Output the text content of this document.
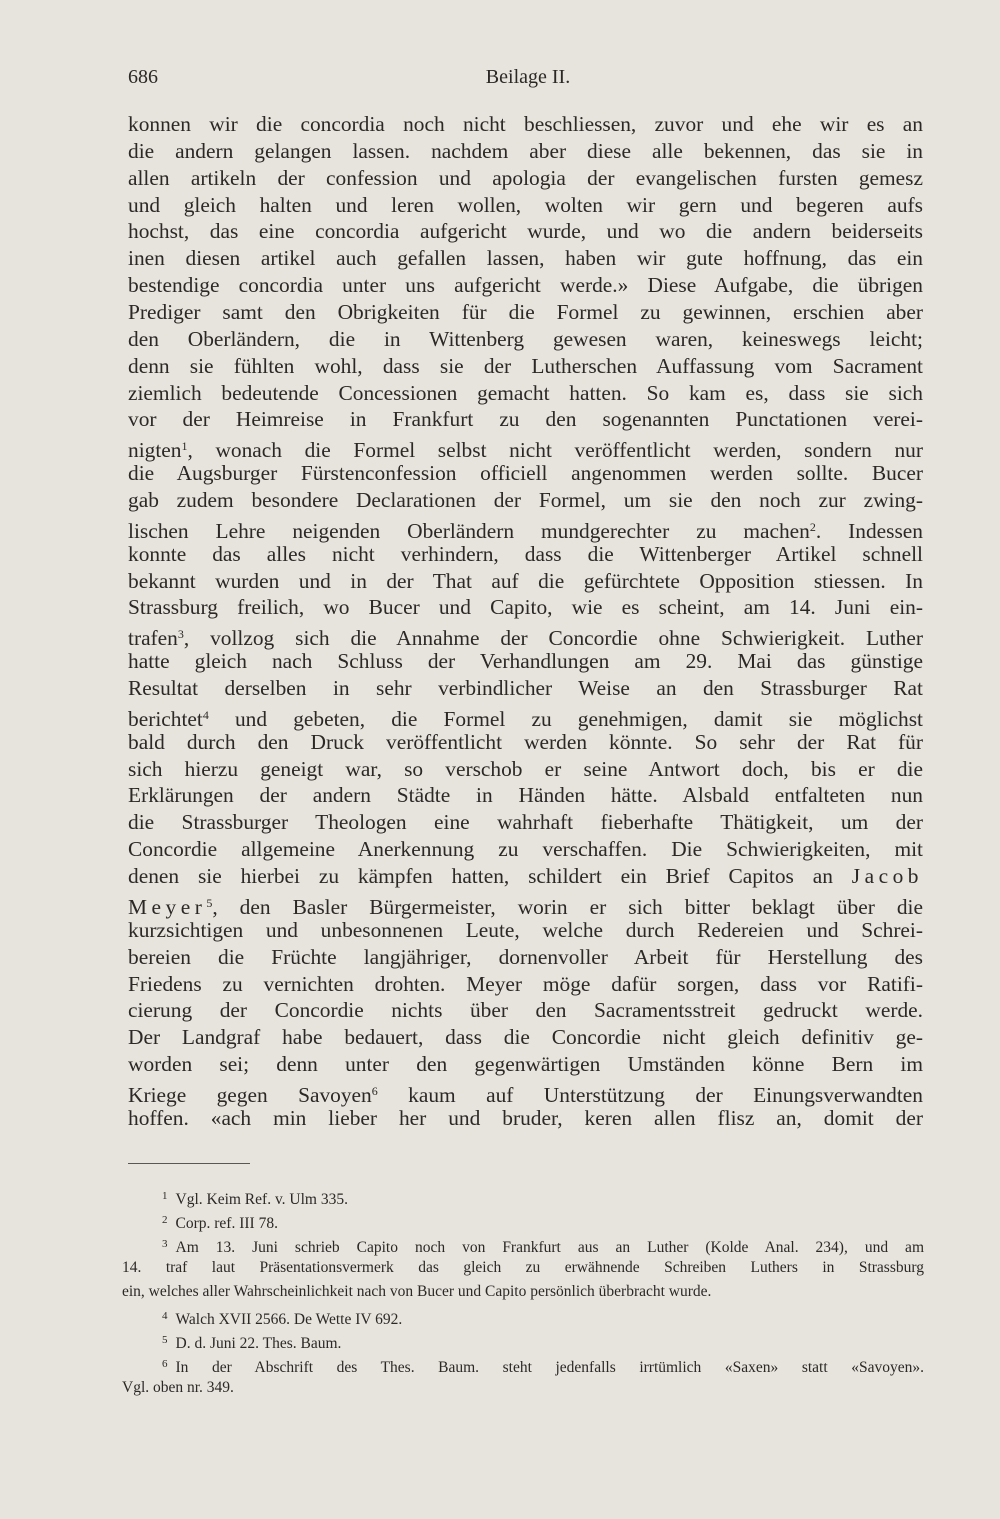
686	Beilage II.
konnen wir die concordia noch nicht beschliessen, zuvor und ehe wir es an
die andern gelangen lassen. nachdem aber diese alle bekennen, das sie in
allen artikeln der confession und apologia der evangelischen fursten gemesz
und gleich halten und leren wollen, wolten wir gern und begeren aufs
hochst, das eine concordia aufgericht wurde, und wo die andern beiderseits
inen diesen artikel auch gefallen lassen, haben wir gute hoffnung, das ein
bestendige concordia unter uns aufgericht werde.» Diese Aufgabe, die übrigen
Prediger samt den Obrigkeiten für die Formel zu gewinnen, erschien aber
den Oberländern, die in Wittenberg gewesen waren, keineswegs leicht;
denn sie fühlten wohl, dass sie der Lutherschen Auffassung vom Sacrament
ziemlich bedeutende Concessionen gemacht hatten. So kam es, dass sie sich
vor der Heimreise in Frankfurt zu den sogenannten Punctationen verei-
nigten$^1$, wonach die Formel selbst nicht veröffentlicht werden, sondern nur
die Augsburger Fürstenconfession officiell angenommen werden sollte. Bucer
gab zudem besondere Declarationen der Formel, um sie den noch zur zwing-
lischen Lehre neigenden Oberländern mundgerechter zu machen$^2$. Indessen
konnte das alles nicht verhindern, dass die Wittenberger Artikel schnell
bekannt wurden und in der That auf die gefürchtete Opposition stiessen. In
Strassburg freilich, wo Bucer und Capito, wie es scheint, am 14. Juni ein-
trafen$^3$, vollzog sich die Annahme der Concordie ohne Schwierigkeit. Luther
hatte gleich nach Schluss der Verhandlungen am 29. Mai das günstige
Resultat derselben in sehr verbindlicher Weise an den Strassburger Rat
berichtet$^4$ und gebeten, die Formel zu genehmigen, damit sie möglichst
bald durch den Druck veröffentlicht werden könnte. So sehr der Rat für
sich hierzu geneigt war, so verschob er seine Antwort doch, bis er die
Erklärungen der andern Städte in Händen hätte. Alsbald entfalteten nun
die Strassburger Theologen eine wahrhaft fieberhafte Thätigkeit, um der
Concordie allgemeine Anerkennung zu verschaffen. Die Schwierigkeiten, mit
denen sie hierbei zu kämpfen hatten, schildert ein Brief Capitos an Jacob
Meyer$^5$, den Basler Bürgermeister, worin er sich bitter beklagt über die
kurzsichtigen und unbesonnenen Leute, welche durch Redereien und Schrei-
bereien die Früchte langjähriger, dornenvoller Arbeit für Herstellung des
Friedens zu vernichten drohten. Meyer möge dafür sorgen, dass vor Ratifi-
cierung der Concordie nichts über den Sacramentsstreit gedruckt werde.
Der Landgraf habe bedauert, dass die Concordie nicht gleich definitiv ge-
worden sei; denn unter den gegenwärtigen Umständen könne Bern im
Kriege gegen Savoyen$^6$ kaum auf Unterstützung der Einungsverwandten
hoffen. «ach min lieber her und bruder, keren allen flisz an, domit der
$^1$ Vgl. Keim Ref. v. Ulm 335.
$^2$ Corp. ref. III 78.
$^3$ Am 13. Juni schrieb Capito noch von Frankfurt aus an Luther (Kolde Anal. 234), und am
14. traf laut Präsentationsvermerk das gleich zu erwähnende Schreiben Luthers in Strassburg
ein, welches aller Wahrscheinlichkeit nach von Bucer und Capito persönlich überbracht wurde.
$^4$ Walch XVII 2566. De Wette IV 692.
$^5$ D. d. Juni 22. Thes. Baum.
$^6$ In der Abschrift des Thes. Baum. steht jedenfalls irrtümlich «Saxen» statt «Savoyen».
Vgl. oben nr. 349.
